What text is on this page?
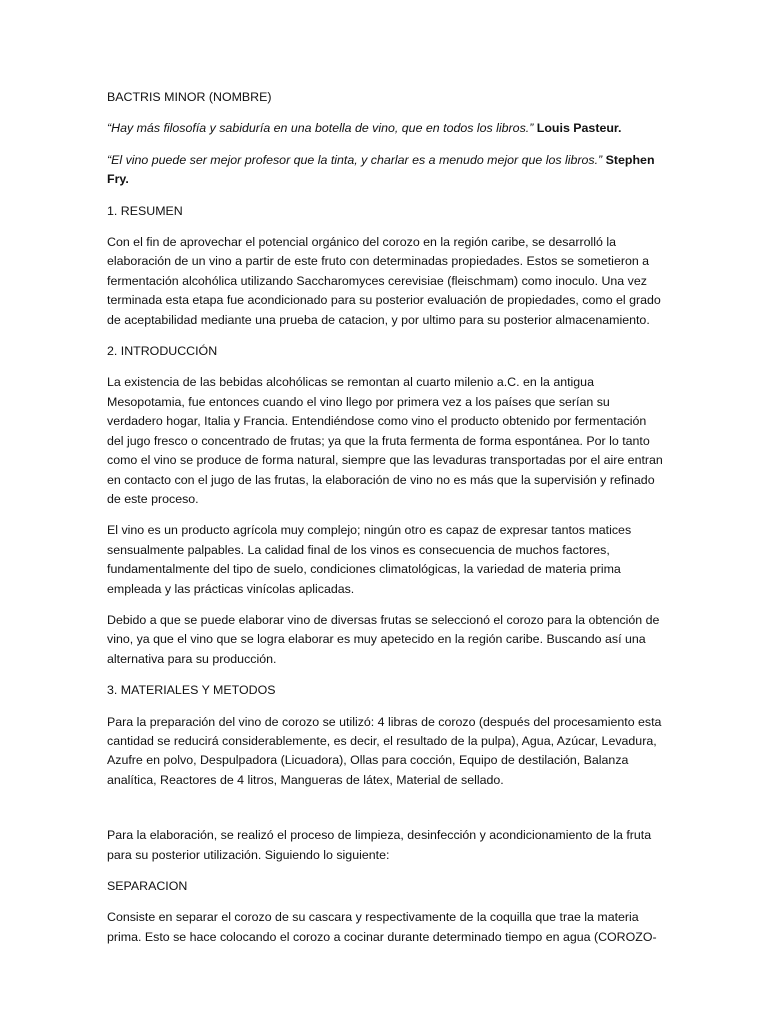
BACTRIS MINOR (NOMBRE)

“Hay más filosofía y sabiduría en una botella de vino, que en todos los libros.” Louis Pasteur.

“El vino puede ser mejor profesor que la tinta, y charlar es a menudo mejor que los libros.” Stephen Fry.

1. RESUMEN

Con el fin de aprovechar el potencial orgánico del corozo en la región caribe, se desarrolló la elaboración de un vino a partir de este fruto con determinadas propiedades. Estos se sometieron a fermentación alcohólica utilizando Saccharomyces cerevisiae (fleischmam) como inoculo. Una vez terminada esta etapa fue acondicionado para su posterior evaluación de propiedades, como el grado de aceptabilidad mediante una prueba de catacion, y por ultimo para su posterior almacenamiento.

2. INTRODUCCIÓN

La existencia de las bebidas alcohólicas se remontan al cuarto milenio a.C. en la antigua Mesopotamia, fue entonces cuando el vino llego por primera vez a los países que serían su verdadero hogar, Italia y Francia. Entendiéndose como vino el producto obtenido por fermentación del jugo fresco o concentrado de frutas; ya que la fruta fermenta de forma espontánea. Por lo tanto como el vino se produce de forma natural, siempre que las levaduras transportadas por el aire entran en contacto con el jugo de las frutas, la elaboración de vino no es más que la supervisión y refinado de este proceso.

El vino es un producto agrícola muy complejo; ningún otro es capaz de expresar tantos matices sensualmente palpables. La calidad final de los vinos es consecuencia de muchos factores, fundamentalmente del tipo de suelo, condiciones climatológicas, la variedad de materia prima empleada y las prácticas vinícolas aplicadas.

Debido a que se puede elaborar vino de diversas frutas se seleccionó el corozo para la obtención de vino, ya que el vino que se logra elaborar es muy apetecido en la región caribe. Buscando así una alternativa para su producción.

3. MATERIALES Y METODOS

Para la preparación del vino de corozo se utilizó: 4 libras de corozo (después del procesamiento esta cantidad se reducirá considerablemente, es decir, el resultado de la pulpa), Agua, Azúcar, Levadura, Azufre en polvo, Despulpadora (Licuadora), Ollas para cocción, Equipo de destilación, Balanza analítica, Reactores de 4 litros, Mangueras de látex, Material de sellado.

Para la elaboración, se realizó el proceso de limpieza, desinfección y acondicionamiento de la fruta para su posterior utilización. Siguiendo lo siguiente:

SEPARACION

Consiste en separar el corozo de su cascara y respectivamente de la coquilla que trae la materia prima. Esto se hace colocando el corozo a cocinar durante determinado tiempo en agua (COROZO-
